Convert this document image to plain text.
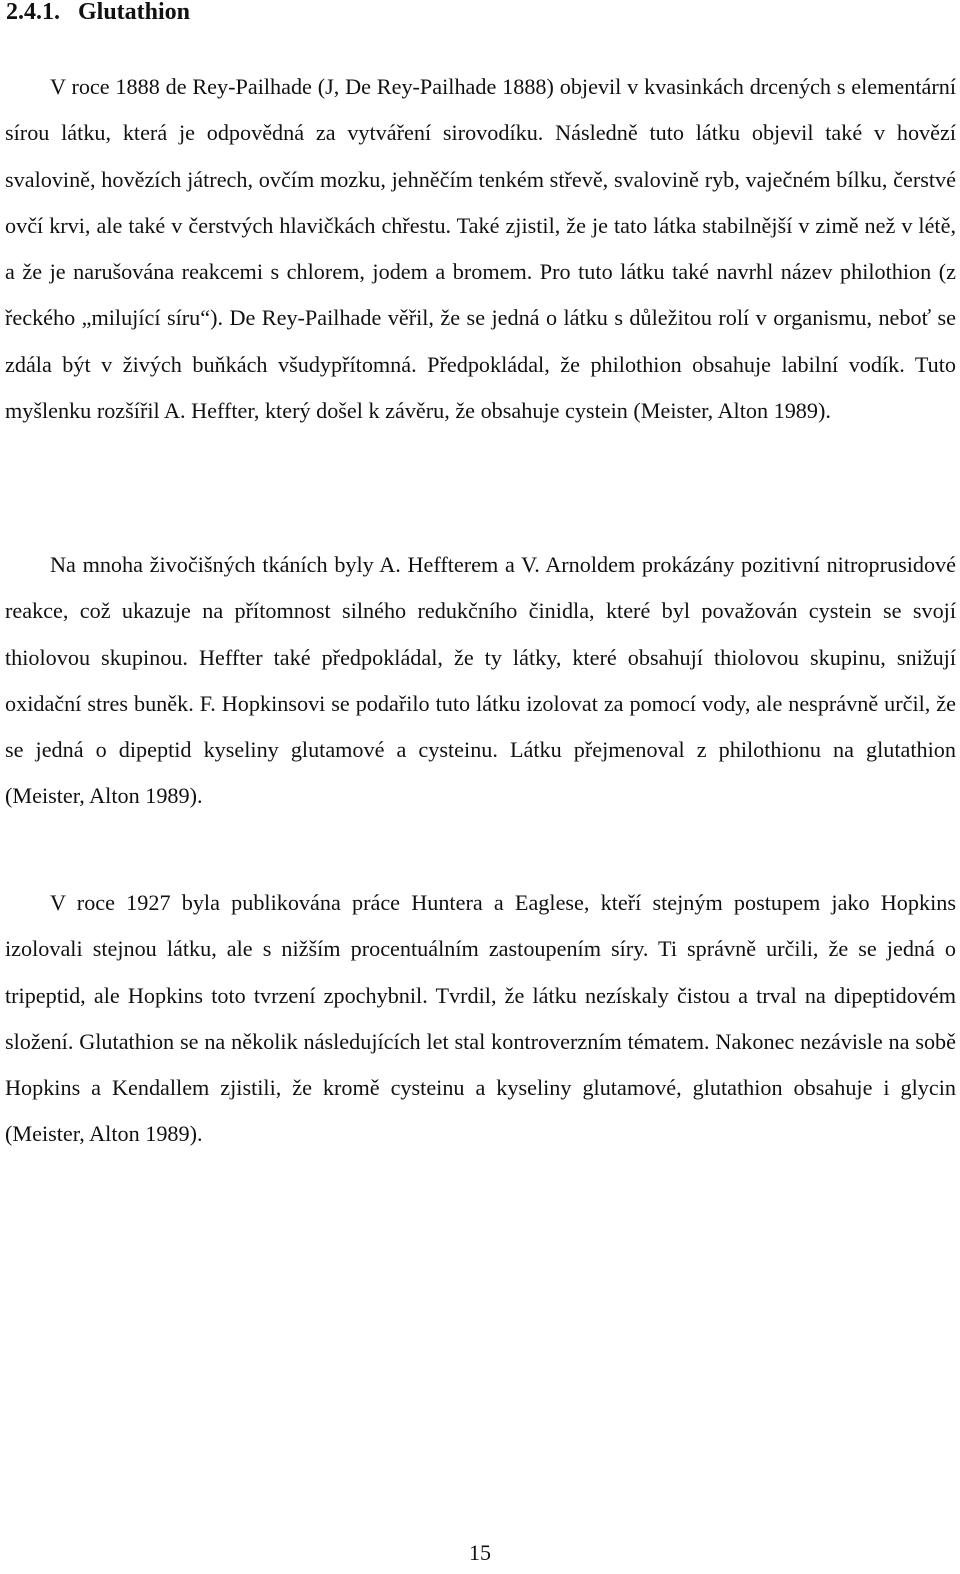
2.4.1. Glutathion

V roce 1888 de Rey-Pailhade (J, De Rey-Pailhade 1888) objevil v kvasinkách drcených s elementární sírou látku, která je odpovědná za vytváření sirovodíku. Následně tuto látku objevil také v hovězí svalovině, hovězích játrech, ovčím mozku, jehněčím tenkém střevě, svalovině ryb, vaječném bílku, čerstvé ovčí krvi, ale také v čerstvých hlavičkách chřestu. Také zjistil, že je tato látka stabilnější v zimě než v létě, a že je narušována reakcemi s chlorem, jodem a bromem. Pro tuto látku také navrhl název philothion (z řeckého „milující síru“). De Rey-Pailhade věřil, že se jedná o látku s důležitou rolí v organismu, neboť se zdála být v živých buňkách všudypřítomná. Předpokládal, že philothion obsahuje labilní vodík. Tuto myšlenku rozšířil A. Heffter, který došel k závěru, že obsahuje cystein (Meister, Alton 1989).

Na mnoha živočišných tkáních byly A. Heffterem a V. Arnoldem prokázány pozitivní nitroprusidové reakce, což ukazuje na přítomnost silného redukčního činidla, které byl považován cystein se svojí thiolovou skupinou. Heffter také předpokládal, že ty látky, které obsahují thiolovou skupinu, snižují oxidační stres buněk. F. Hopkinsovi se podařilo tuto látku izolovat za pomocí vody, ale nesprávně určil, že se jedná o dipeptid kyseliny glutamové a cysteinu. Látku přejmenoval z philothionu na glutathion (Meister, Alton 1989).

V roce 1927 byla publikována práce Huntera a Eaglese, kteří stejným postupem jako Hopkins izolovali stejnou látku, ale s nižším procentuálním zastoupením síry. Ti správně určili, že se jedná o tripeptid, ale Hopkins toto tvrzení zpochybnil. Tvrdil, že látku nezískaly čistou a trval na dipeptidovém složení. Glutathion se na několik následujících let stal kontroverzním tématem. Nakonec nezávisle na sobě Hopkins a Kendallem zjistili, že kromě cysteinu a kyseliny glutamové, glutathion obsahuje i glycin (Meister, Alton 1989).

15
